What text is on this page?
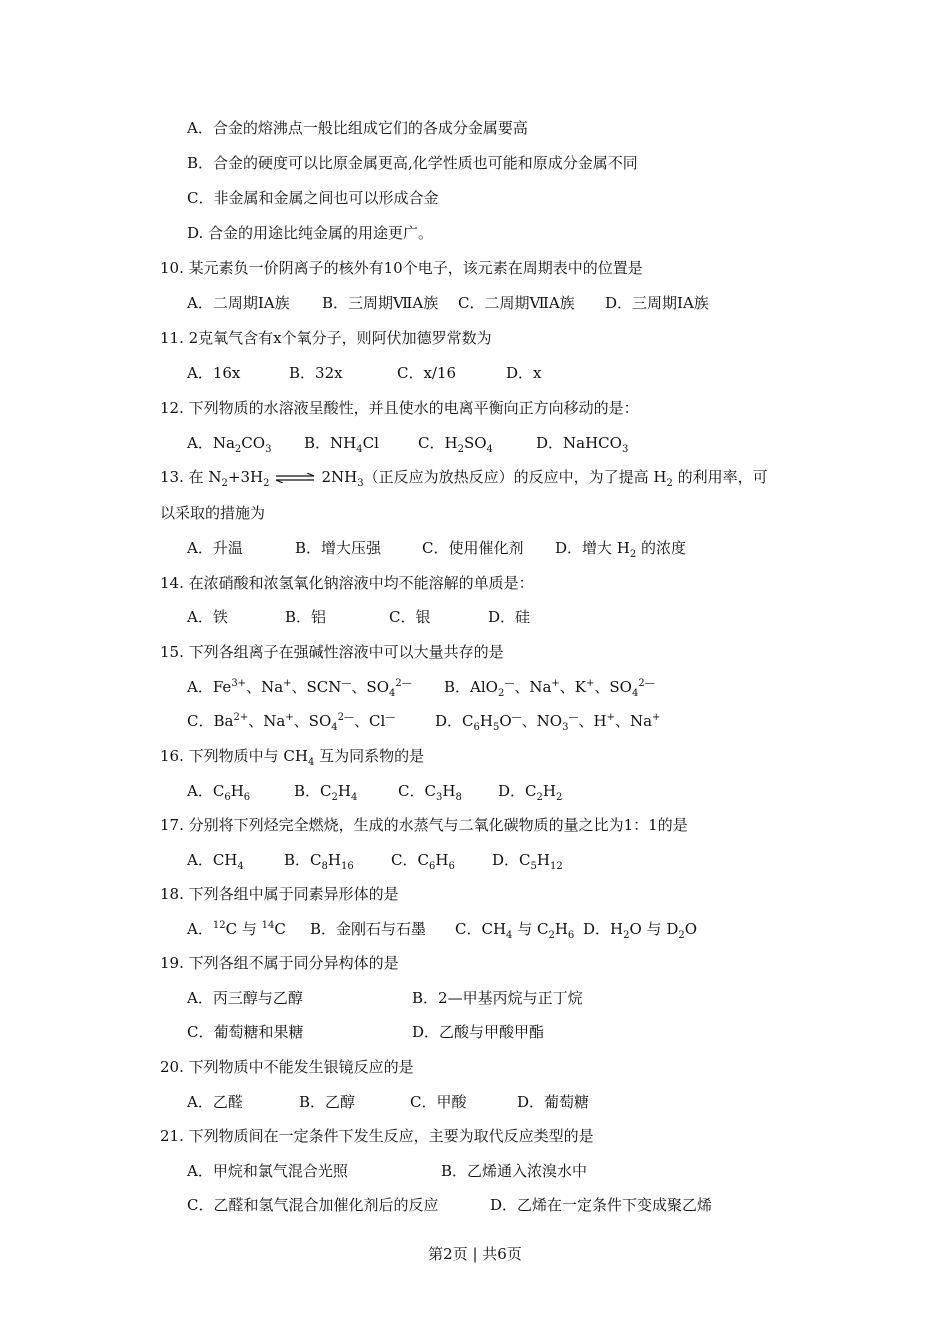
A．合金的熔沸点一般比组成它们的各成分金属要高
B．合金的硬度可以比原金属更高,化学性质也可能和原成分金属不同
C．非金属和金属之间也可以形成合金
D. 合金的用途比纯金属的用途更广。
10. 某元素负一价阴离子的核外有10个电子，该元素在周期表中的位置是
A．二周期IA族 B．三周期ⅦA族 C．二周期ⅦA族 D．三周期IA族
11. 2克氧气含有x个氧分子，则阿伏加德罗常数为
A．16x	B．32x	C．x/16	D．x
12. 下列物质的水溶液呈酸性，并且使水的电离平衡向正方向移动的是：
A．$Na_2CO_3$ B．$NH_4Cl$	C．$H_2SO_4$	D．NaHCO$_3$
13. 在 $N_2+3H_2$ ⇌ $2NH_3$（正反应为放热反应）的反应中，为了提高 $H_2$ 的利用率，可
以采取的措施为
A．升温	B．增大压强	C．使用催化剂 D．增大 $H_2$ 的浓度
14. 在浓硝酸和浓氢氧化钠溶液中均不能溶解的单质是：
A．铁	B．铝	C．银	D．硅
15. 下列各组离子在强碱性溶液中可以大量共存的是
A．$Fe^{3+}$、Na+、SCN—、$SO_4^{2—}$ B．AlO$_2$—、Na+、K+、$SO_4^{2—}$
C．$Ba^{2+}$、Na+、$SO_4^{2—}$、Cl—	D．$C_6H_5O^—$、$NO_3^—$、H+、Na+
16. 下列物质中与 $CH_4$ 互为同系物的是
A．$C_6H_6$	B．$C_2H_4$	C．$C_3H_8$ D．$C_2H_2$
17. 分别将下列烃完全燃烧，生成的水蒸气与二氧化碳物质的量之比为1：1的是
A．$CH_4$	B．$C_8H_{16}$ C．$C_6H_6$ D．$C_5H_{12}$
18. 下列各组中属于同素异形体的是
A．$^{12}$C 与 $^{14}$C B．金刚石与石墨 C．$CH_4$ 与 $C_2H_6$ D．$H_2O$ 与 $D_2O$
19. 下列各组不属于同分异构体的是
A．丙三醇与乙醇	B．2—甲基丙烷与正丁烷
C．葡萄糖和果糖	D．乙酸与甲酸甲酯
20. 下列物质中不能发生银镜反应的是
A．乙醛	B．乙醇	C．甲酸	D．葡萄糖
21. 下列物质间在一定条件下发生反应，主要为取代反应类型的是
A．甲烷和氯气混合光照	B．乙烯通入浓溴水中
C．乙醛和氢气混合加催化剂后的反应	D．乙烯在一定条件下变成聚乙烯
第2页 | 共6页
